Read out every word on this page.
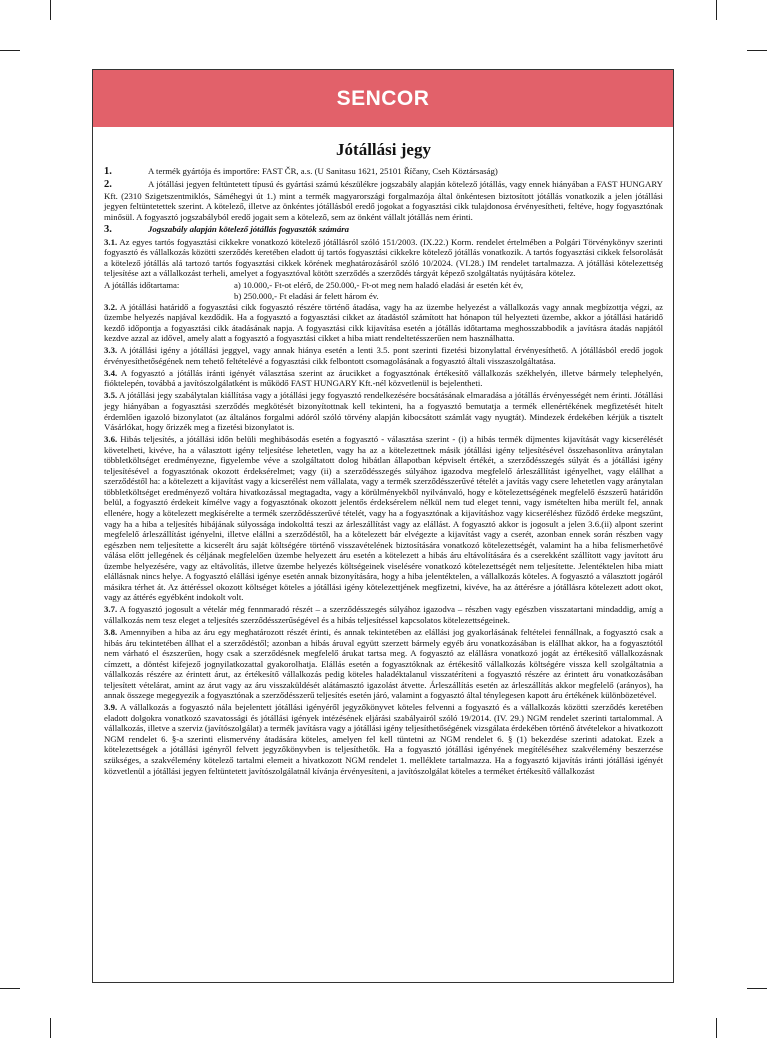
SENCOR
Jótállási jegy

1.	A termék gyártója és importőre: FAST ČR, a.s. (U Sanitasu 1621, 25101 Říčany, Cseh Köztársaság)

2.	A jótállási jegyen feltüntetett típusú és gyártási számú készülékre jogszabály alapján kötelező jótállás, vagy ennek hiányában a FAST HUNGARY Kft. (2310 Szigetszentmiklós, Sáméhegyi út 1.) mint a termék magyarországi forgalmazója által önkéntesen biztosított jótállás vonatkozik a jelen jótállási jegyen feltüntetettek szerint. A kötelező, illetve az önkéntes jótállásból eredő jogokat a fogyasztási cikk tulajdonosa érvényesítheti, feltéve, hogy fogyasztónak minősül. A fogyasztó jogszabályból eredő jogait sem a kötelező, sem az önként vállalt jótállás nem érinti.

3.	Jogszabály alapján kötelező jótállás fogyasztók számára

3.1. Az egyes tartós fogyasztási cikkekre vonatkozó kötelező jótállásról szóló 151/2003. (IX.22.) Korm. rendelet értelmében a Polgári Törvénykönyv szerinti fogyasztó és vállalkozás közötti szerződés keretében eladott új tartós fogyasztási cikkekre kötelező jótállás vonatkozik. A tartós fogyasztási cikkek felsorolását a kötelező jótállás alá tartozó tartós fogyasztási cikkek körének meghatározásáról szóló 10/2024. (VI.28.) IM rendelet tartalmazza. A jótállási kötelezettség teljesítése azt a vállalkozást terheli, amelyet a fogyasztóval kötött szerződés a szerződés tárgyát képező szolgáltatás nyújtására kötelez.

A jótállás időtartama:	a) 10.000,- Ft-ot elérő, de 250.000,- Ft-ot meg nem haladó eladási ár esetén két év,
	b) 250.000,- Ft eladási ár felett három év.

3.2. A jótállási határidő a fogyasztási cikk fogyasztó részére történő átadása, vagy ha az üzembe helyezést a vállalkozás vagy annak megbízottja végzi, az üzembe helyezés napjával kezdődik. Ha a fogyasztó a fogyasztási cikket az átadástól számított hat hónapon túl helyezteti üzembe, akkor a jótállási határidő kezdő időpontja a fogyasztási cikk átadásának napja. A fogyasztási cikk kijavítása esetén a jótállás időtartama meghosszabbodik a javításra átadás napjától kezdve azzal az idővel, amely alatt a fogyasztó a fogyasztási cikket a hiba miatt rendeltetésszerűen nem használhatta.

3.3. A jótállási igény a jótállási jeggyel, vagy annak hiánya esetén a lenti 3.5. pont szerinti fizetési bizonylattal érvényesíthető. A jótállásból eredő jogok érvényesíthetőségének nem tehető feltételévé a fogyasztási cikk felbontott csomagolásának a fogyasztó általi visszaszolgáltatása.

3.4. A fogyasztó a jótállás iránti igényét választása szerint az árucikket a fogyasztónak értékesítő vállalkozás székhelyén, illetve bármely telephelyén, fióktelepén, továbbá a javítószolgálatként is működő FAST HUNGARY Kft.-nél közvetlenül is bejelentheti.

3.5. A jótállási jegy szabálytalan kiállítása vagy a jótállási jegy fogyasztó rendelkezésére bocsátásának elmaradása a jótállás érvényességét nem érinti. Jótállási jegy hiányában a fogyasztási szerződés megkötését bizonyítottnak kell tekinteni, ha a fogyasztó bemutatja a termék ellenértékének megfizetését hitelt érdemlően igazoló bizonylatot (az általános forgalmi adóról szóló törvény alapján kibocsátott számlát vagy nyugtát). Mindezek érdekében kérjük a tisztelt Vásárlókat, hogy őrizzék meg a fizetési bizonylatot is.

3.6. Hibás teljesítés, a jótállási időn belüli meghibásodás esetén a fogyasztó - választása szerint - (i) a hibás termék díjmentes kijavítását vagy kicserélését követelheti, kivéve, ha a választott igény teljesítése lehetetlen, vagy ha az a kötelezettnek másik jótállási igény teljesítésével összehasonlítva aránytalan többletköltséget eredményezne, figyelembe véve a szolgáltatott dolog hibátlan állapotban képviselt értékét, a szerződésszegés súlyát és a jótállási igény teljesítésével a fogyasztónak okozott érdeksérelmet; vagy (ii) a szerződésszegés súlyához igazodva megfelelő árleszállítást igényelhet, vagy elállhat a szerződéstől ha: a kötelezett a kijavítást vagy a kicserélést nem vállalata, vagy a termék szerződésszerűvé tételét a javítás vagy csere lehetetlen vagy aránytalan többletköltséget eredményező voltára hivatkozással megtagadta, vagy a körülményekből nyilvánvaló, hogy e kötelezettségének megfelelő észszerű határidőn belül, a fogyasztó érdekeit kímélve vagy a fogyasztónak okozott jelentős érdeksérelem nélkül nem tud eleget tenni, vagy ismételten hiba merült fel, annak ellenére, hogy a kötelezett megkísérelte a termék szerződésszerűvé tételét, vagy ha a fogyasztónak a kijavításhoz vagy kicseréléshez fűződő érdeke megszűnt, vagy ha a hiba a teljesítés hibájának súlyossága indokolttá teszi az árleszállítást vagy az elállást. A fogyasztó akkor is jogosult a jelen 3.6.(ii) alpont szerint megfelelő árleszállítást igényelni, illetve elállni a szerződéstől, ha a kötelezett bár elvégezte a kijavítást vagy a cserét, azonban ennek során részben vagy egészben nem teljesítette a kicserélt áru saját költségére történő visszavételének biztosítására vonatkozó kötelezettségét, valamint ha a hiba felismerhetővé válása előtt jellegének és céljának megfelelően üzembe helyezett áru esetén a kötelezett a hibás áru eltávolítására és a cserekként szállított vagy javított áru üzembe helyezésére, vagy az eltávolítás, illetve üzembe helyezés költségeinek viselésére vonatkozó kötelezettségét nem teljesítette. Jelentéktelen hiba miatt elállásnak nincs helye. A fogyasztó elállási igénye esetén annak bizonyítására, hogy a hiba jelentéktelen, a vállalkozás köteles. A fogyasztó a választott jogáról másikra térhet át. Az áttéréssel okozott költséget köteles a jótállási igény kötelezettjének megfizetni, kivéve, ha az áttérésre a jótállásra kötelezett adott okot, vagy az áttérés egyébként indokolt volt.

3.7. A fogyasztó jogosult a vételár még fennmaradó részét – a szerződésszegés súlyához igazodva – részben vagy egészben visszatartani mindaddig, amíg a vállalkozás nem tesz eleget a teljesítés szerződésszerűségével és a hibás teljesítéssel kapcsolatos kötelezettségeinek.

3.8. Amennyiben a hiba az áru egy meghatározott részét érinti, és annak tekintetében az elállási jog gyakorlásának feltételei fennállnak, a fogyasztó csak a hibás áru tekintetében állhat el a szerződéstől; azonban a hibás áruval együtt szerzett bármely egyéb áru vonatkozásában is elállhat akkor, ha a fogyasztótól nem várható el észszerűen, hogy csak a szerződésnek megfelelő árukat tartsa meg. A fogyasztó az elállásra vonatkozó jogát az értékesítő vállalkozásnak címzett, a döntést kifejező jognyilatkozattal gyakorolhatja. Elállás esetén a fogyasztóknak az értékesítő vállalkozás költségére vissza kell szolgáltatnia a vállalkozás részére az érintett árut, az értékesítő vállalkozás pedig köteles haladéktalanul visszatéríteni a fogyasztó részére az érintett áru vonatkozásában teljesített vételárat, amint az árut vagy az áru visszaküldését alátámasztó igazolást átvette. Árleszállítás esetén az árleszállítás akkor megfelelő (arányos), ha annak összege megegyezik a fogyasztónak a szerződésszerű teljesítés esetén járó, valamint a fogyasztó által ténylegesen kapott áru értékének különbözetével.

3.9. A vállalkozás a fogyasztó nála bejelentett jótállási igényéről jegyzőkönyvet köteles felvenni a fogyasztó és a vállalkozás közötti szerződés keretében eladott dolgokra vonatkozó szavatossági és jótállási igények intézésének eljárási szabályairól szóló 19/2014. (IV. 29.) NGM rendelet szerinti tartalommal. A vállalkozás, illetve a szerviz (javítószolgálat) a termék javításra vagy a jótállási igény teljesíthetőségének vizsgálata érdekében történő átvételekor a hivatkozott NGM rendelet 6. §-a szerinti elismervény átadására köteles, amelyen fel kell tüntetni az NGM rendelet 6. § (1) bekezdése szerinti adatokat. Ezek a kötelezettségek a jótállási igényről felvett jegyzőkönyvben is teljesíthetők. Ha a fogyasztó jótállási igényének megítéléséhez szakvélemény beszerzése szükséges, a szakvélemény kötelező tartalmi elemeit a hivatkozott NGM rendelet 1. melléklete tartalmazza. Ha a fogyasztó kijavítás iránti jótállási igényét közvetlenül a jótállási jegyen feltüntetett javítószolgálatnál kívánja érvényesíteni, a javítószolgálat köteles a terméket értékesítő vállalkozást
